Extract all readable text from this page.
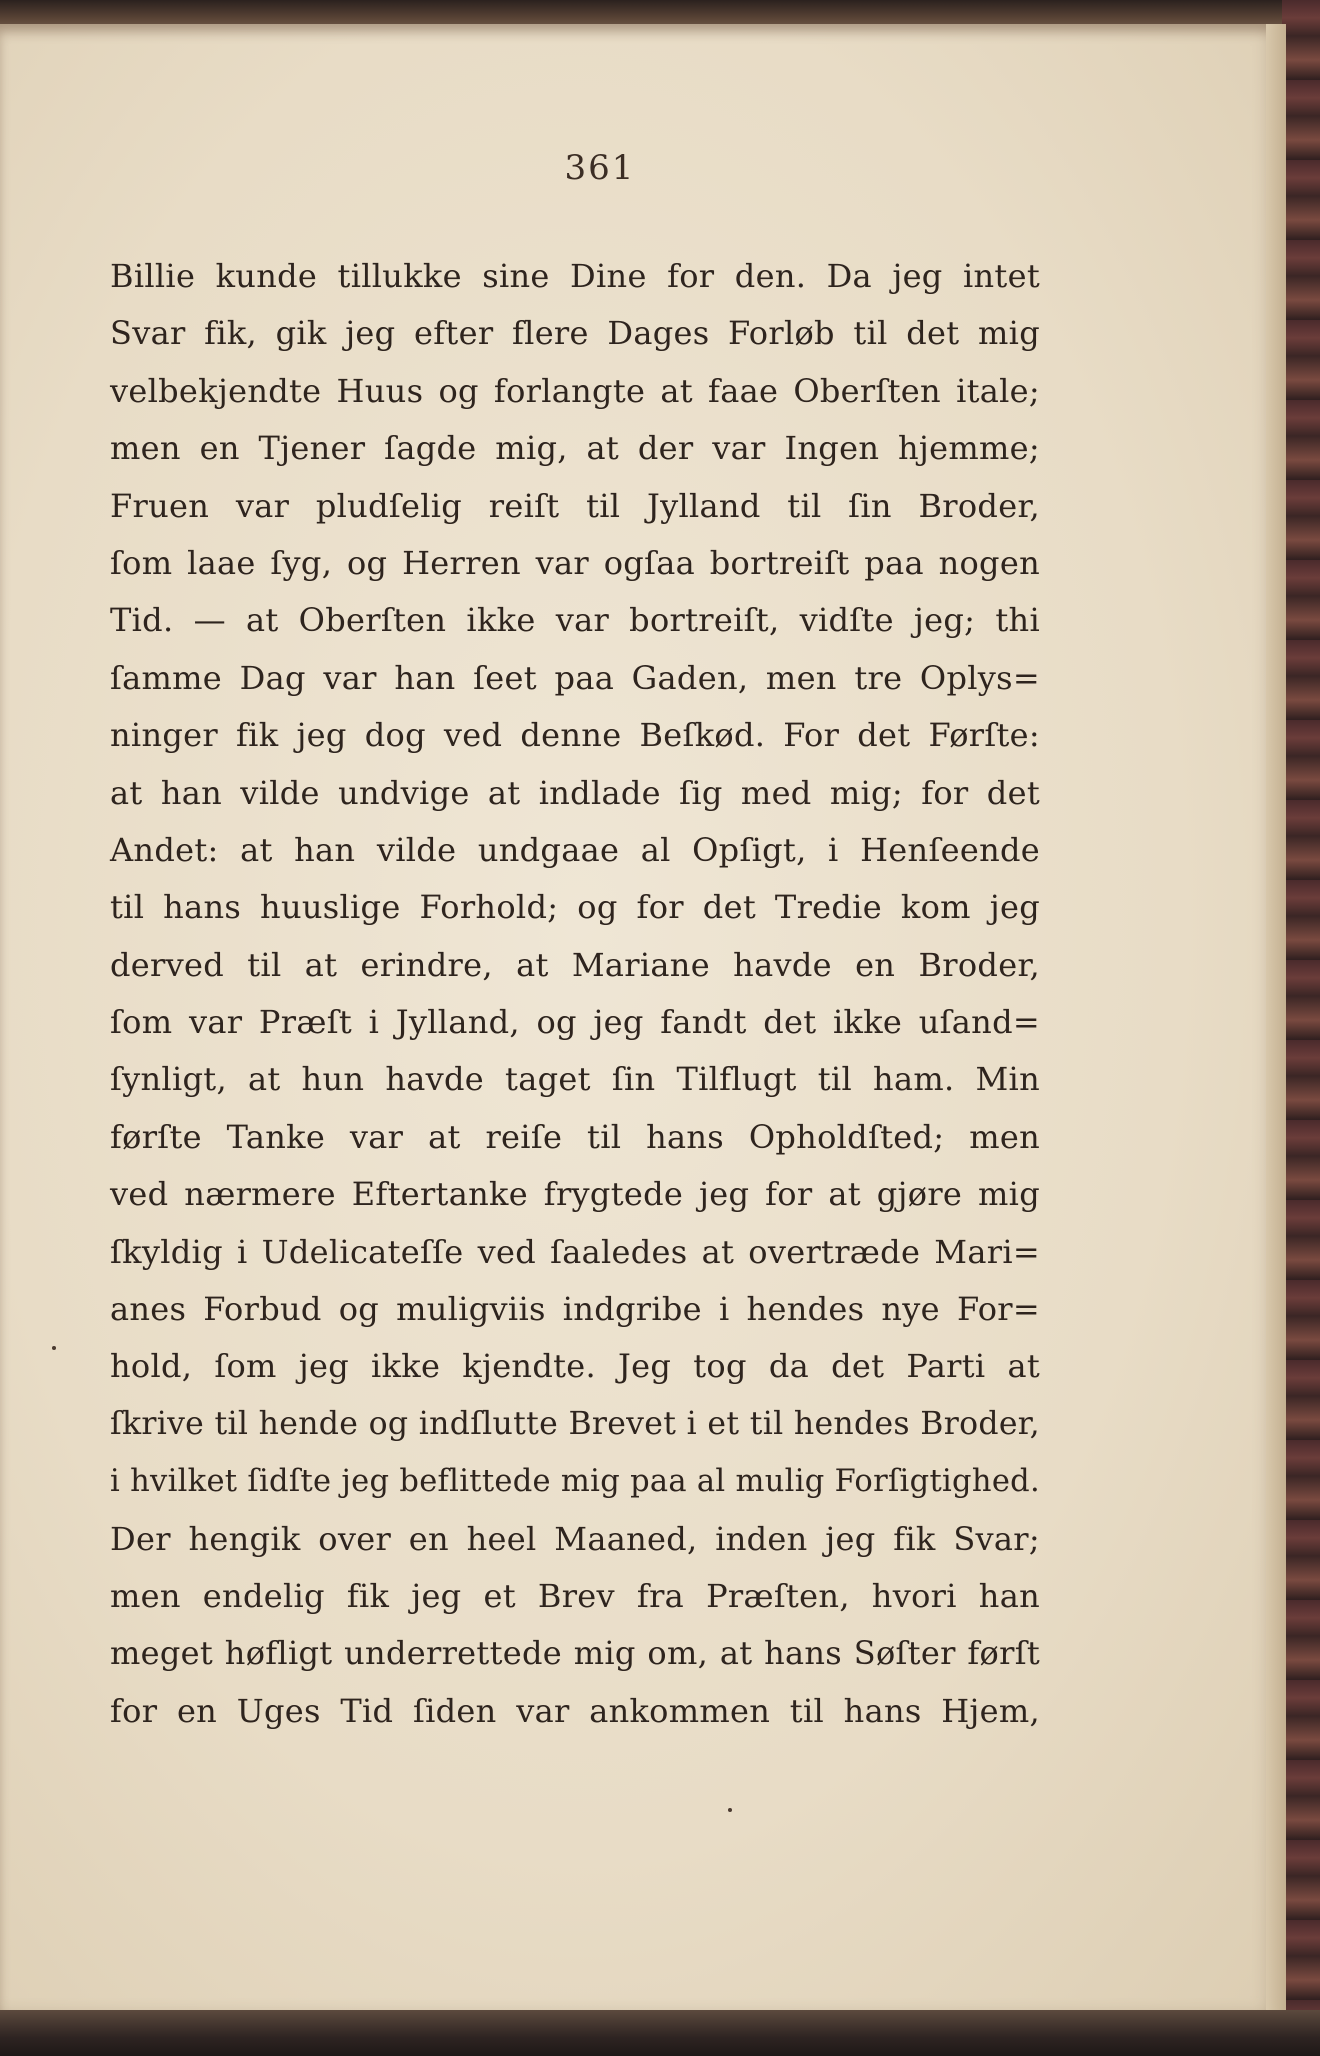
361
Billie kunde tillukke sine Dine for den. Da jeg intet
Svar fik, gik jeg efter flere Dages Forløb til det mig
velbekjendte Huus og forlangte at faae Oberſten itale;
men en Tjener ſagde mig, at der var Ingen hjemme;
Fruen var pludſelig reiſt til Jylland til ſin Broder,
ſom laae ſyg, og Herren var ogſaa bortreiſt paa nogen
Tid. — at Oberſten ikke var bortreiſt, vidſte jeg; thi
ſamme Dag var han ſeet paa Gaden, men tre Oplys=
ninger fik jeg dog ved denne Beſkød. For det Førſte:
at han vilde undvige at indlade ſig med mig; for det
Andet: at han vilde undgaae al Opſigt, i Henſeende
til hans huuslige Forhold; og for det Tredie kom jeg
derved til at erindre, at Mariane havde en Broder,
ſom var Præſt i Jylland, og jeg fandt det ikke uſand=
ſynligt, at hun havde taget ſin Tilflugt til ham. Min
førſte Tanke var at reiſe til hans Opholdſted; men
ved nærmere Eftertanke frygtede jeg for at gjøre mig
ſkyldig i Udelicateſſe ved ſaaledes at overtræde Mari=
anes Forbud og muligviis indgribe i hendes nye For=
hold, ſom jeg ikke kjendte. Jeg tog da det Parti at
ſkrive til hende og indſlutte Brevet i et til hendes Broder,
i hvilket ſidſte jeg beflittede mig paa al mulig Forſigtighed.
Der hengik over en heel Maaned, inden jeg fik Svar;
men endelig fik jeg et Brev fra Præſten, hvori han
meget høfligt underrettede mig om, at hans Søſter førſt
for en Uges Tid ſiden var ankommen til hans Hjem,
